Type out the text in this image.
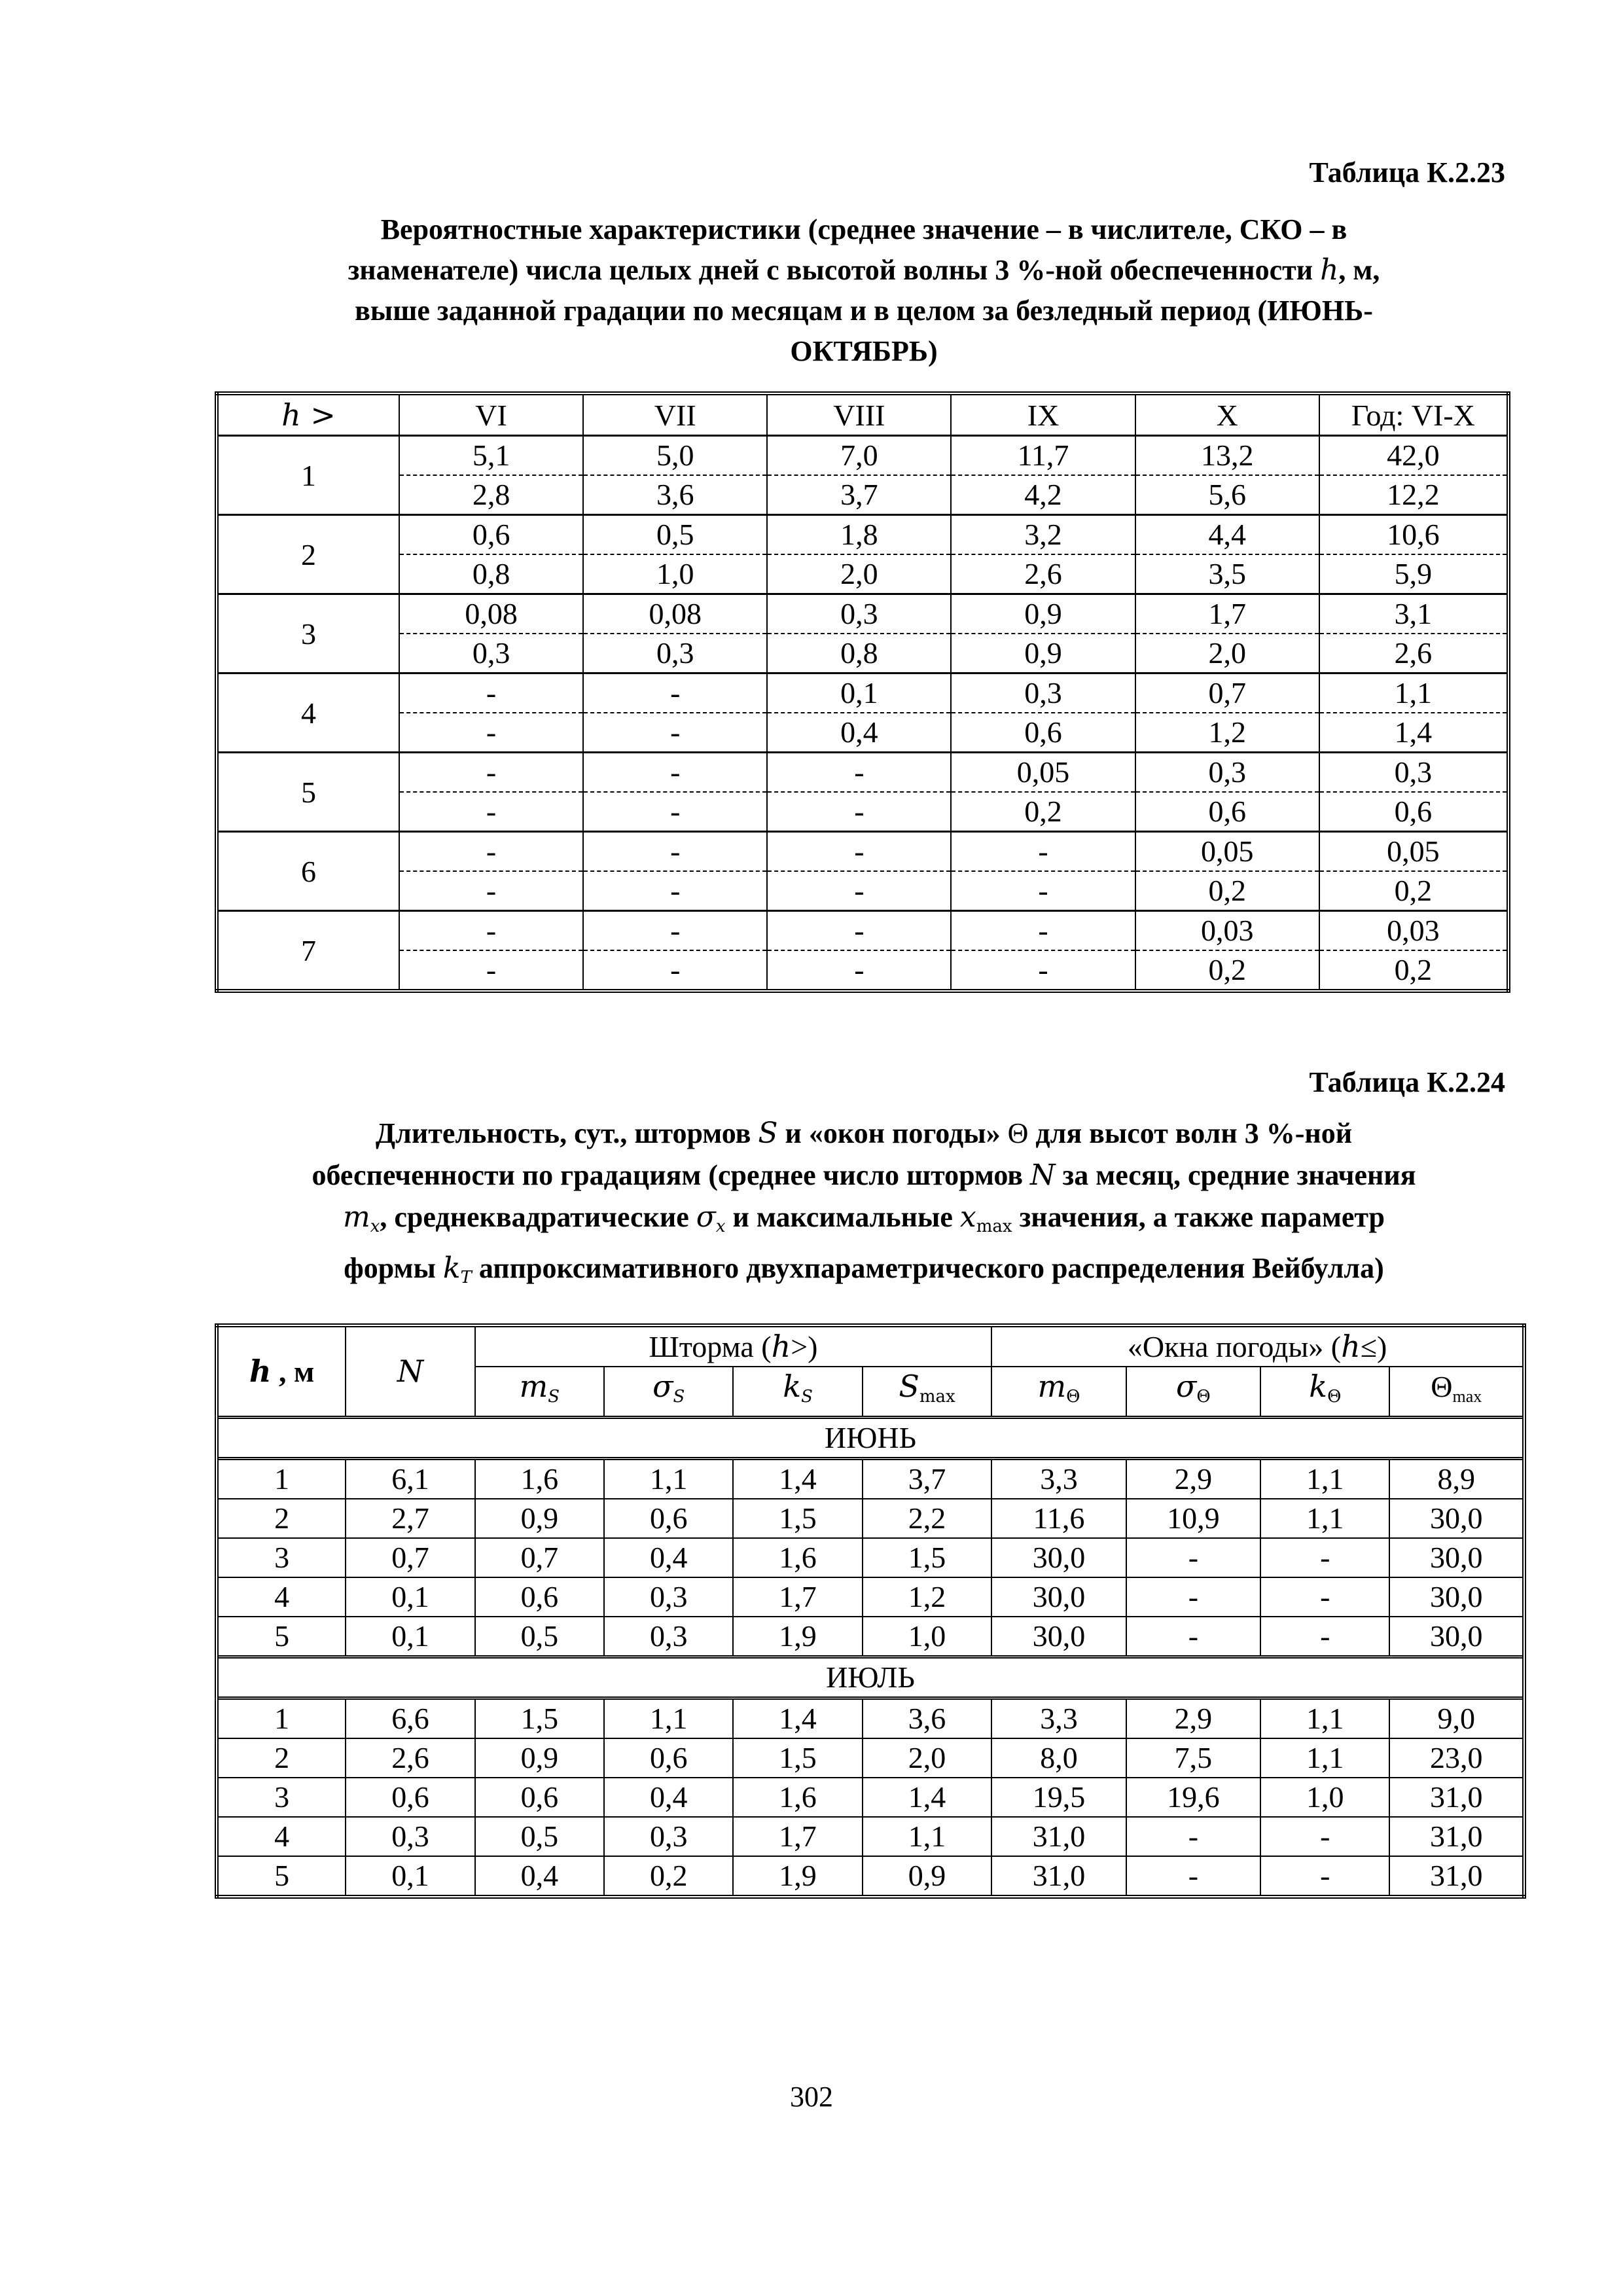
Таблица К.2.23
Вероятностные характеристики (среднее значение – в числителе, СКО – в
знаменателе) числа целых дней с высотой волны 3 %-ной обеспеченности h, м,
выше заданной градации по месяцам и в целом за безледный период (ИЮНЬ-
ОКТЯБРЬ)
h >	VI	VII	VIII	IX	X	Год: VI-X
1	5,1	5,0	7,0	11,7	13,2	42,0
	2,8	3,6	3,7	4,2	5,6	12,2
2	0,6	0,5	1,8	3,2	4,4	10,6
	0,8	1,0	2,0	2,6	3,5	5,9
3	0,08	0,08	0,3	0,9	1,7	3,1
	0,3	0,3	0,8	0,9	2,0	2,6
4	-	-	0,1	0,3	0,7	1,1
	-	-	0,4	0,6	1,2	1,4
5	-	-	-	0,05	0,3	0,3
	-	-	-	0,2	0,6	0,6
6	-	-	-	-	0,05	0,05
	-	-	-	-	0,2	0,2
7	-	-	-	-	0,03	0,03
	-	-	-	-	0,2	0,2
Таблица К.2.24
Длительность, сут., штормов S и «окон погоды» Θ для высот волн 3 %-ной
обеспеченности по градациям (среднее число штормов N за месяц, средние значения
$m_x$, среднеквадратические $\sigma_x$ и максимальные xmax значения, а также параметр
формы $k_T$ аппроксимативного двухпараметрического распределения Вейбулла)
h , м	N	Шторма (h>)				«Окна погоды» (h≤)			
		$m_S$	$\sigma_S$	$k_S$	Smax	mΘ	σΘ	kΘ	Θmax
ИЮНЬ									
1	6,1	1,6	1,1	1,4	3,7	3,3	2,9	1,1	8,9
2	2,7	0,9	0,6	1,5	2,2	11,6	10,9	1,1	30,0
3	0,7	0,7	0,4	1,6	1,5	30,0	-	-	30,0
4	0,1	0,6	0,3	1,7	1,2	30,0	-	-	30,0
5	0,1	0,5	0,3	1,9	1,0	30,0	-	-	30,0
ИЮЛЬ									
1	6,6	1,5	1,1	1,4	3,6	3,3	2,9	1,1	9,0
2	2,6	0,9	0,6	1,5	2,0	8,0	7,5	1,1	23,0
3	0,6	0,6	0,4	1,6	1,4	19,5	19,6	1,0	31,0
4	0,3	0,5	0,3	1,7	1,1	31,0	-	-	31,0
5	0,1	0,4	0,2	1,9	0,9	31,0	-	-	31,0
302
